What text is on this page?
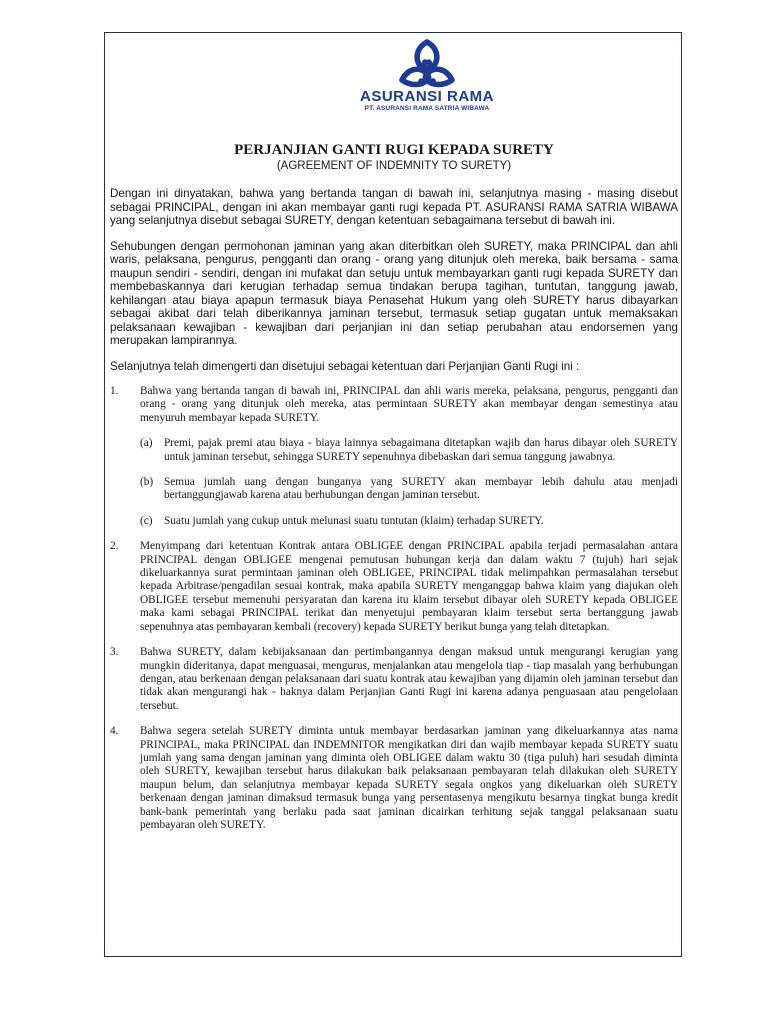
ASURANSI RAMA
PT. ASURANSI RAMA SATRIA WIBAWA
PERJANJIAN GANTI RUGI KEPADA SURETY
(AGREEMENT OF INDEMNITY TO SURETY)

Dengan ini dinyatakan, bahwa yang bertanda tangan di bawah ini, selanjutnya masing - masing disebut sebagai PRINCIPAL, dengan ini akan membayar ganti rugi kepada PT. ASURANSI RAMA SATRIA WIBAWA yang selanjutnya disebut sebagai SURETY, dengan ketentuan sebagaimana tersebut di bawah ini.

Sehubungen dengan permohonan jaminan yang akan diterbitkan oleh SURETY, maka PRINCIPAL dan ahli waris, pelaksana, pengurus, pengganti dan orang - orang yang ditunjuk oleh mereka, baik bersama - sama maupun sendiri - sendiri, dengan ini mufakat dan setuju untuk membayarkan ganti rugi kepada SURETY dan membebaskannya dari kerugian terhadap semua tindakan berupa tagihan, tuntutan, tanggung jawab, kehilangan atau biaya apapun termasuk biaya Penasehat Hukum yang oleh SURETY harus dibayarkan sebagai akibat dari telah diberikannya jaminan tersebut, termasuk setiap gugatan untuk memaksakan pelaksanaan kewajiban - kewajiban dari perjanjian ini dan setiap perubahan atau endorsemen yang merupakan lampirannya.

Selanjutnya telah dimengerti dan disetujui sebagai ketentuan dari Perjanjian Ganti Rugi ini :

1. Bahwa yang bertanda tangan di bawah ini, PRINCIPAL dan ahli waris mereka, pelaksana, pengurus, pengganti dan orang - orang yang ditunjuk oleh mereka, atas permintaan SURETY akan membayar dengan semestinya atau menyuruh membayar kepada SURETY.
(a) Premi, pajak premi atau biaya - biaya lainnya sebagaimana ditetapkan wajib dan harus dibayar oleh SURETY untuk jaminan tersebut, sehingga SURETY sepenuhnya dibebaskan dari semua tanggung jawabnya.
(b) Semua jumlah uang dengan bunganya yang SURETY akan membayar lebih dahulu atau menjadi bertanggungjawab karena atau berhubungan dengan jaminan tersebut.
(c) Suatu jumlah yang cukup untuk melunasi suatu tuntutan (klaim) terhadap SURETY.
2. Menyimpang dari ketentuan Kontrak antara OBLIGEE dengan PRINCIPAL apabila terjadi permasalahan antara PRINCIPAL dengan OBLIGEE mengenai pemutusan hubungan kerja dan dalam waktu 7 (tujuh) hari sejak dikeluarkannya surat permintaan jaminan oleh OBLIGEE, PRINCIPAL tidak melimpahkan permasalahan tersebut kepada Arbitrase/pengadilan sesuai kontrak, maka apabila SURETY menganggap bahwa klaim yang diajukan oleh OBLIGEE tersebut memenuhi persyaratan dan karena itu klaim tersebut dibayar oleh SURETY kepada OBLIGEE maka kami sebagai PRINCIPAL terikat dan menyetujui pembayaran klaim tersebut serta bertanggung jawab sepenuhnya atas pembayaran kembali (recovery) kepada SURETY berikut bunga yang telah ditetapkan.
3. Bahwa SURETY, dalam kebijaksanaan dan pertimbangannya dengan maksud untuk mengurangi kerugian yang mungkin dideritanya, dapat menguasai, mengurus, menjalankan atau mengelola tiap - tiap masalah yang berhubungan dengan, atau berkenaan dengan pelaksanaan dari suatu kontrak atau kewajiban yang dijamin oleh jaminan tersebut dan tidak akan mengurangi hak - haknya dalam Perjanjian Ganti Rugi ini karena adanya penguasaan atau pengelolaan tersebut.
4. Bahwa segera setelah SURETY diminta untuk membayar berdasarkan jaminan yang dikeluarkannya atas nama PRINCIPAL, maka PRINCIPAL dan INDEMNITOR mengikatkan diri dan wajib membayar kepada SURETY suatu jumlah yang sama dengan jaminan yang diminta oleh OBLIGEE dalam waktu 30 (tiga puluh) hari sesudah diminta oleh SURETY, kewajiban tersebut harus dilakukan baik pelaksanaan pembayaran telah dilakukan oleh SURETY maupun belum, dan selanjutnya membayar kepada SURETY segala ongkos yang dikeluarkan oleh SURETY berkenaan dengan jaminan dimaksud termasuk bunga yang persentasenya mengikutu besarnya tingkat bunga kredit bank-bank pemerintah yang berlaku pada saat jaminan dicairkan terhitung sejak tanggal pelaksanaan suatu pembayaran oleh SURETY.
